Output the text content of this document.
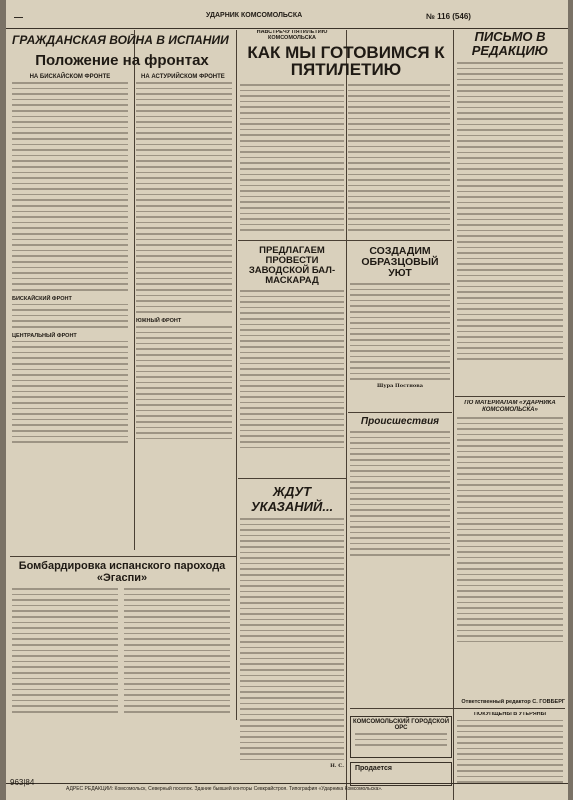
—	УДАРНИК КОМСОМОЛЬСКА	№ 116 (546)
ГРАЖДАНСКАЯ ВОЙНА В ИСПАНИИ
Положение на фронтах
НА БИСКАЙСКОМ ФРОНТЕ	НА АСТУРИЙСКОМ ФРОНТЕ
БИСКАЙСКИЙ ФРОНТ
ЦЕНТРАЛЬНЫЙ ФРОНТ
ЮЖНЫЙ ФРОНТ
Бомбардировка испанского парохода «Эгаспи»
НАВСТРЕЧУ ПЯТИЛЕТИЮ КОМСОМОЛЬСКА
КАК МЫ ГОТОВИМСЯ К ПЯТИЛЕТИЮ
ПРЕДЛАГАЕМ ПРОВЕСТИ ЗАВОДСКОЙ БАЛ-МАСКАРАД
ЖДУТ УКАЗАНИЙ...
Н. С.
СОЗДАДИМ ОБРАЗЦОВЫЙ УЮТ
Шура Постнова
Происшествия
КОМСОМОЛЬСКИЙ ГОРОДСКОЙ ОРС
Продается
ПИСЬМО В РЕДАКЦИЮ
ПО МАТЕРИАЛАМ «УДАРНИКА КОМСОМОЛЬСКА»
Ответственный редактор С. ГОВБЕРГ
ПОКУПЩЕНЫ В УТЕРЯНЫ
АДРЕС РЕДАКЦИИ: Комсомольск, Северный поселок. Здание бывшей конторы Севкрайстроя. Типография «Ударника Комсомольска».
963|84
